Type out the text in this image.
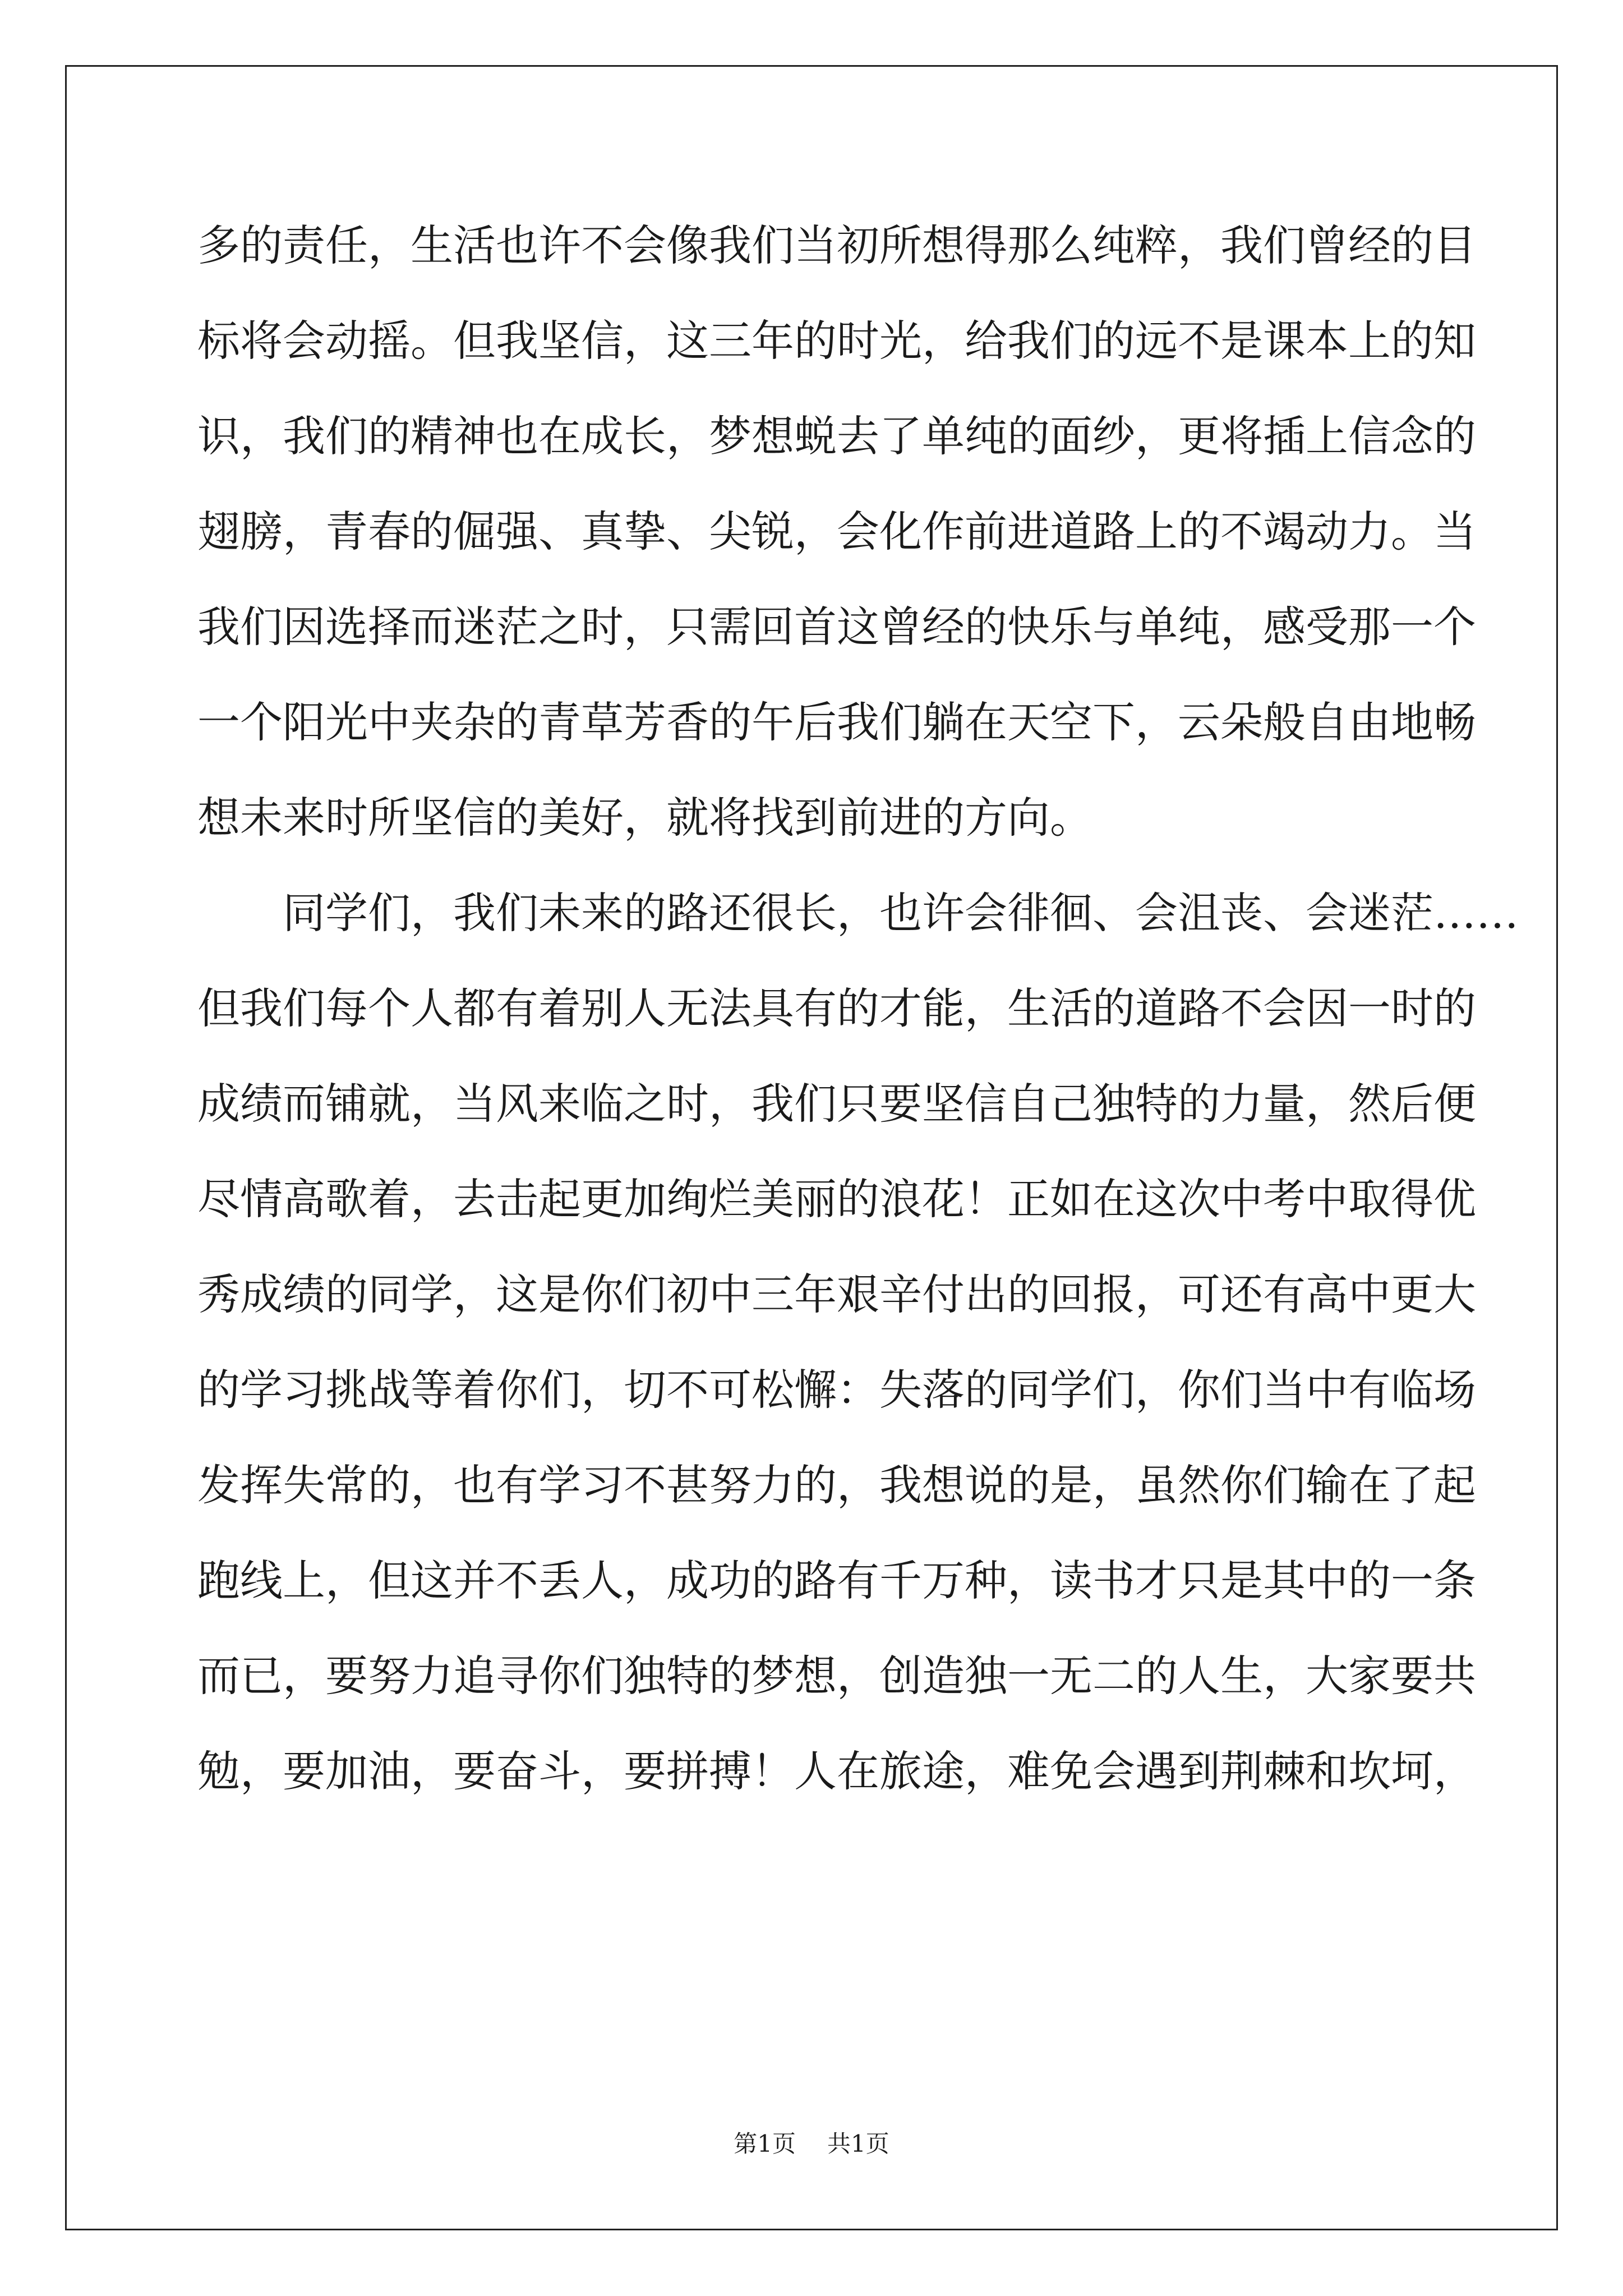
多的责任，生活也许不会像我们当初所想得那么纯粹，我们曾经的目
标将会动摇。但我坚信，这三年的时光，给我们的远不是课本上的知
识，我们的精神也在成长，梦想蜕去了单纯的面纱，更将插上信念的
翅膀，青春的倔强、真挚、尖锐，会化作前进道路上的不竭动力。当
我们因选择而迷茫之时，只需回首这曾经的快乐与单纯，感受那一个
一个阳光中夹杂的青草芳香的午后我们躺在天空下，云朵般自由地畅
想未来时所坚信的美好，就将找到前进的方向。
同学们，我们未来的路还很长，也许会徘徊、会沮丧、会迷茫……
但我们每个人都有着别人无法具有的才能，生活的道路不会因一时的
成绩而铺就，当风来临之时，我们只要坚信自己独特的力量，然后便
尽情高歌着，去击起更加绚烂美丽的浪花！正如在这次中考中取得优
秀成绩的同学，这是你们初中三年艰辛付出的回报，可还有高中更大
的学习挑战等着你们，切不可松懈：失落的同学们，你们当中有临场
发挥失常的，也有学习不甚努力的，我想说的是，虽然你们输在了起
跑线上，但这并不丢人，成功的路有千万种，读书才只是其中的一条
而已，要努力追寻你们独特的梦想，创造独一无二的人生，大家要共
勉，要加油，要奋斗，要拼搏！人在旅途，难免会遇到荆棘和坎坷，
第1页 共1页
